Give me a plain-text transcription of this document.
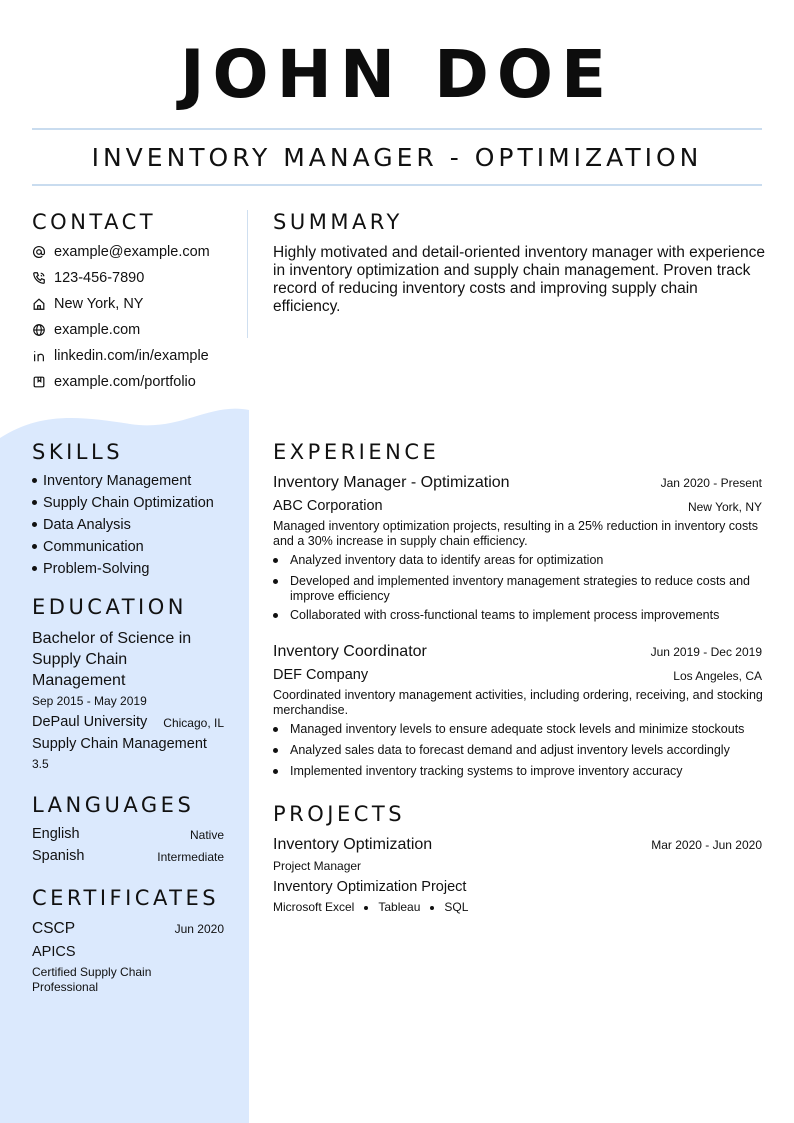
JOHN DOE
INVENTORY MANAGER - OPTIMIZATION
CONTACT
example@example.com
123-456-7890
New York, NY
example.com
linkedin.com/in/example
example.com/portfolio
SUMMARY
Highly motivated and detail-oriented inventory manager with experience in inventory optimization and supply chain management. Proven track record of reducing inventory costs and improving supply chain efficiency.
SKILLS
Inventory Management
Supply Chain Optimization
Data Analysis
Communication
Problem-Solving
EDUCATION
Bachelor of Science in Supply Chain Management
Sep 2015 - May 2019
DePaul University	Chicago, IL
Supply Chain Management
3.5
LANGUAGES
English	Native
Spanish	Intermediate
CERTIFICATES
CSCP	Jun 2020
APICS
Certified Supply Chain Professional
EXPERIENCE
Inventory Manager - Optimization	Jan 2020 - Present
ABC Corporation	New York, NY
Managed inventory optimization projects, resulting in a 25% reduction in inventory costs and a 30% increase in supply chain efficiency.
Analyzed inventory data to identify areas for optimization
Developed and implemented inventory management strategies to reduce costs and improve efficiency
Collaborated with cross-functional teams to implement process improvements
Inventory Coordinator	Jun 2019 - Dec 2019
DEF Company	Los Angeles, CA
Coordinated inventory management activities, including ordering, receiving, and stocking merchandise.
Managed inventory levels to ensure adequate stock levels and minimize stockouts
Analyzed sales data to forecast demand and adjust inventory levels accordingly
Implemented inventory tracking systems to improve inventory accuracy
PROJECTS
Inventory Optimization	Mar 2020 - Jun 2020
Project Manager
Inventory Optimization Project
Microsoft Excel Tableau SQL
